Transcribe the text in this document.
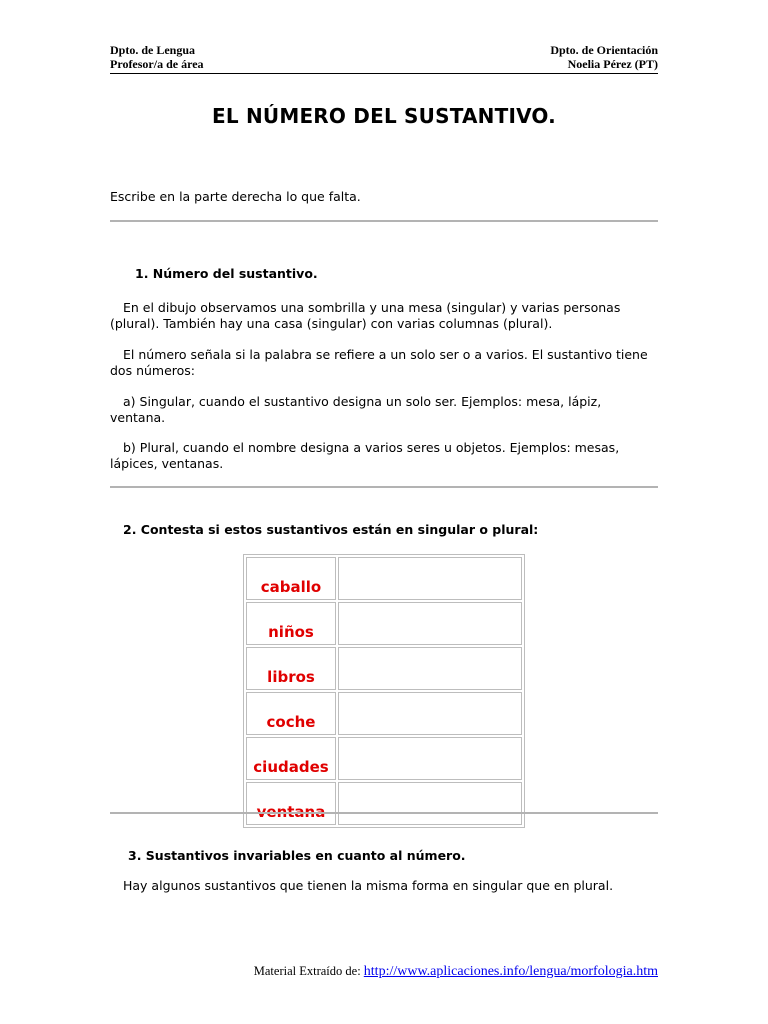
Dpto. de Lengua
Profesor/a de área
Dpto. de Orientación
Noelia Pérez (PT)
EL NÚMERO DEL SUSTANTIVO.
Escribe en la parte derecha lo que falta.
1. Número del sustantivo.
En el dibujo observamos una sombrilla y una mesa (singular) y varias personas (plural). También hay una casa (singular) con varias columnas (plural).
El número señala si la palabra se refiere a un solo ser o a varios. El sustantivo tiene dos números:
a) Singular, cuando el sustantivo designa un solo ser. Ejemplos: mesa, lápiz, ventana.
b) Plural, cuando el nombre designa a varios seres u objetos. Ejemplos: mesas, lápices, ventanas.
2. Contesta si estos sustantivos están en singular o plural:
caballo	
niños	
libros	
coche	
ciudades	
ventana	
3. Sustantivos invariables en cuanto al número.
Hay algunos sustantivos que tienen la misma forma en singular que en plural.
Material Extraído de: http://www.aplicaciones.info/lengua/morfologia.htm
